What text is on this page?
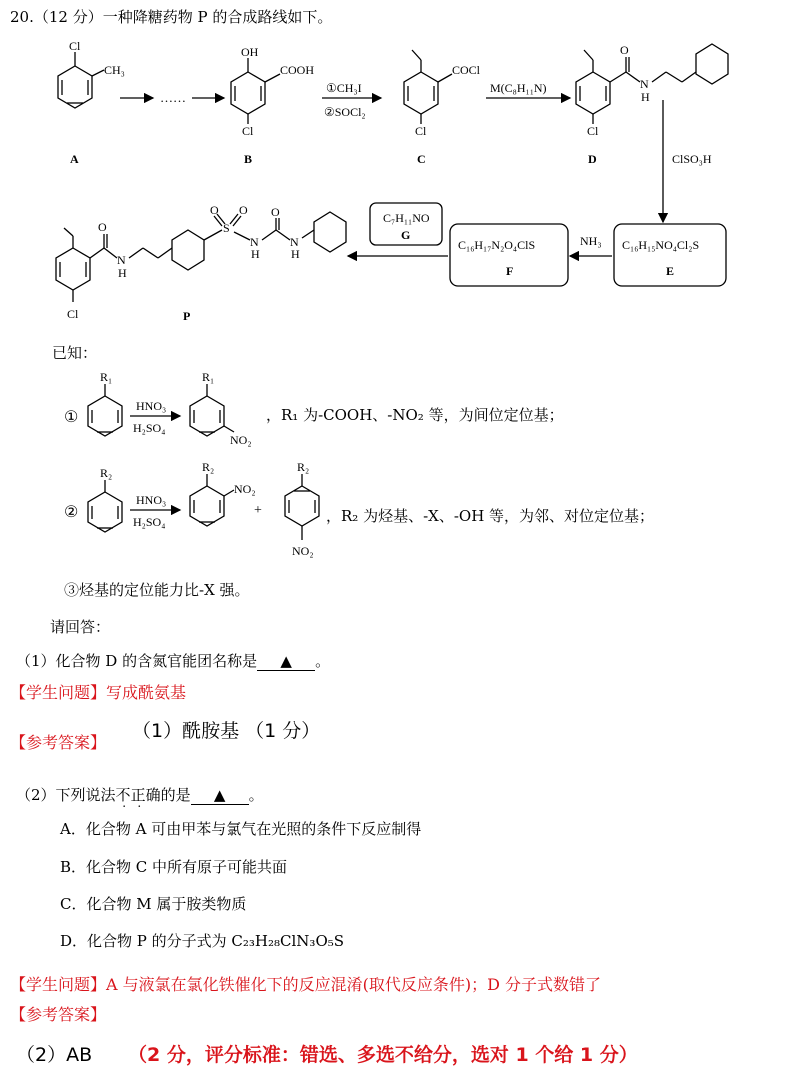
20.（12 分）一种降糖药物 P 的合成路线如下。
Cl
CH₃
……
OH
COOH
Cl
①CH₃I
②SOCl₂
COCl
Cl
M(C₈H₁₁N)
O
N
H
Cl
ClSO₃H
NH₃ C₁₆H₁₅NO₄Cl₂S
C₁₆H₁₇N₂O₄ClS
C₇H₁₁NO
O
N
H
Cl
O
S
O
N
H
O
N
H
A	B	C	D
E
F
G
P
已知：
R₁	R₁
HNO₃
H₂SO₄
NO₂
R₂	R₂	R₂
HNO₃
H₂SO₄
NO₂
NO₂
+
①
②
，R₁ 为-COOH、-NO₂ 等，为间位定位基；
，R₂ 为烃基、-X、-OH 等，为邻、对位定位基；
③烃基的定位能力比-X 强。
请回答：
（1）化合物 D 的含氮官能团名称是 ▲ 。
【学生问题】写成酰氨基
【参考答案】
（1）酰胺基 （1 分）
（2）下列说法不正确的是 ▲ 。
A．化合物 A 可由甲苯与氯气在光照的条件下反应制得
B．化合物 C 中所有原子可能共面
C．化合物 M 属于胺类物质
D．化合物 P 的分子式为 C₂₃H₂₈ClN₃O₅S
【学生问题】A 与液氯在氯化铁催化下的反应混淆(取代反应条件)；D 分子式数错了
【参考答案】
（2）AB （2 分，评分标准：错选、多选不给分，选对 1 个给 1 分）
